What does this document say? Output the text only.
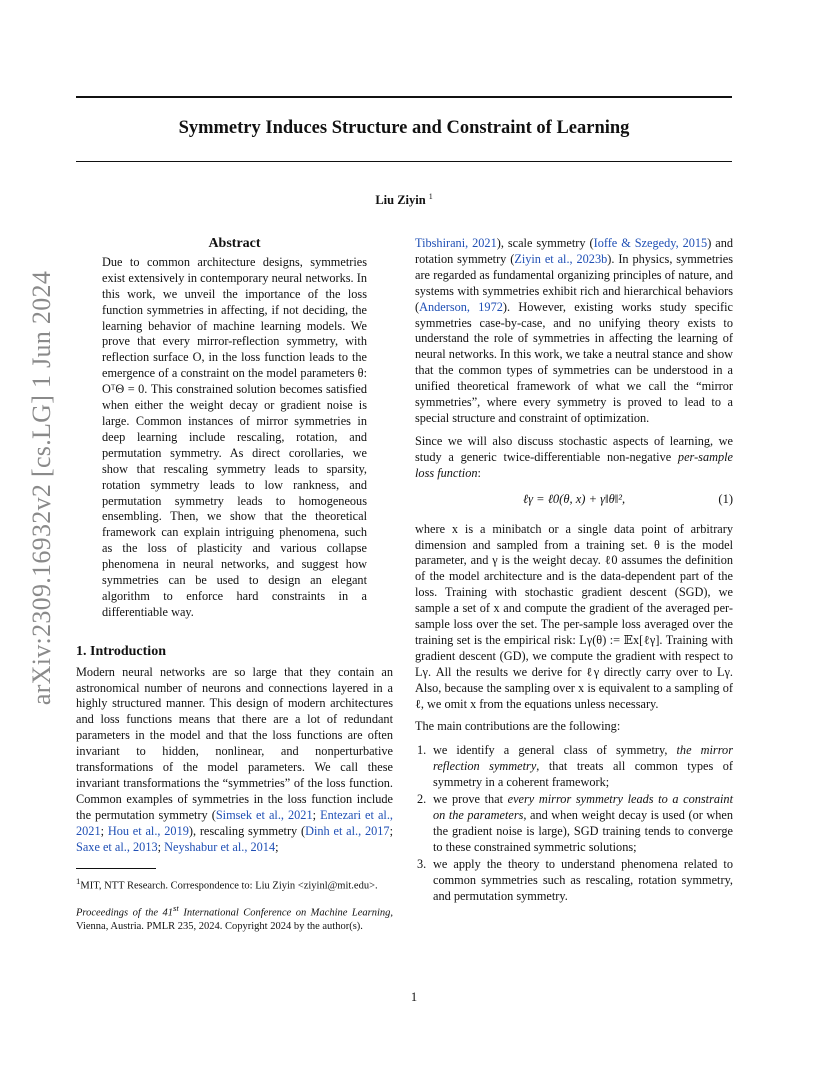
Symmetry Induces Structure and Constraint of Learning
Liu Ziyin $^1$
arXiv:2309.16932v2 [cs.LG] 1 Jun 2024
Abstract

Due to common architecture designs, symmetries exist extensively in contemporary neural networks. In this work, we unveil the importance of the loss function symmetries in affecting, if not deciding, the learning behavior of machine learning models. We prove that every mirror-reflection symmetry, with reflection surface O, in the loss function leads to the emergence of a constraint on the model parameters θ: OᵀΘ = 0. This constrained solution becomes satisfied when either the weight decay or gradient noise is large. Common instances of mirror symmetries in deep learning include rescaling, rotation, and permutation symmetry. As direct corollaries, we show that rescaling symmetry leads to sparsity, rotation symmetry leads to low rankness, and permutation symmetry leads to homogeneous ensembling. Then, we show that the theoretical framework can explain intriguing phenomena, such as the loss of plasticity and various collapse phenomena in neural networks, and suggest how symmetries can be used to design an elegant algorithm to enforce hard constraints in a differentiable way.

1. Introduction

Modern neural networks are so large that they contain an astronomical number of neurons and connections layered in a highly structured manner. This design of modern architectures and loss functions means that there are a lot of redundant parameters in the model and that the loss functions are often invariant to hidden, nonlinear, and nonperturbative transformations of the model parameters. We call these invariant transformations the “symmetries” of the loss function. Common examples of symmetries in the loss function include the permutation symmetry (Simsek et al., 2021; Entezari et al., 2021; Hou et al., 2019), rescaling symmetry (Dinh et al., 2017; Saxe et al., 2013; Neyshabur et al., 2014;

$^1$MIT, NTT Research. Correspondence to: Liu Ziyin <ziyinl@mit.edu>.

Proceedings of the 41st International Conference on Machine Learning, Vienna, Austria. PMLR 235, 2024. Copyright 2024 by the author(s).

Tibshirani, 2021), scale symmetry (Ioffe & Szegedy, 2015) and rotation symmetry (Ziyin et al., 2023b). In physics, symmetries are regarded as fundamental organizing principles of nature, and systems with symmetries exhibit rich and hierarchical behaviors (Anderson, 1972). However, existing works study specific symmetries case-by-case, and no unifying theory exists to understand the role of symmetries in affecting the learning of neural networks. In this work, we take a neutral stance and show that the common types of symmetries can be understood in a unified theoretical framework of what we call the “mirror symmetries”, where every symmetry is proved to lead to a special structure and constraint of optimization.

Since we will also discuss stochastic aspects of learning, we study a generic twice-differentiable non-negative per-sample loss function:

ℓγ = ℓ0(θ, x) + γ‖θ‖²,	(1)

where x is a minibatch or a single data point of arbitrary dimension and sampled from a training set. θ is the model parameter, and γ is the weight decay. ℓ0 assumes the definition of the model architecture and is the data-dependent part of the loss. Training with stochastic gradient descent (SGD), we sample a set of x and compute the gradient of the averaged per-sample loss over the set. The per-sample loss averaged over the training set is the empirical risk: Lγ(θ) := 𝔼x[ℓγ]. Training with gradient descent (GD), we compute the gradient with respect to Lγ. All the results we derive for ℓγ directly carry over to Lγ. Also, because the sampling over x is equivalent to a sampling of ℓ, we omit x from the equations unless necessary.

The main contributions are the following:

1. we identify a general class of symmetry, the mirror reflection symmetry, that treats all common types of symmetry in a coherent framework;
2. we prove that every mirror symmetry leads to a constraint on the parameters, and when weight decay is used (or when the gradient noise is large), SGD training tends to converge to these constrained symmetric solutions;
3. we apply the theory to understand phenomena related to common symmetries such as rescaling, rotation symmetry, and permutation symmetry.
1
